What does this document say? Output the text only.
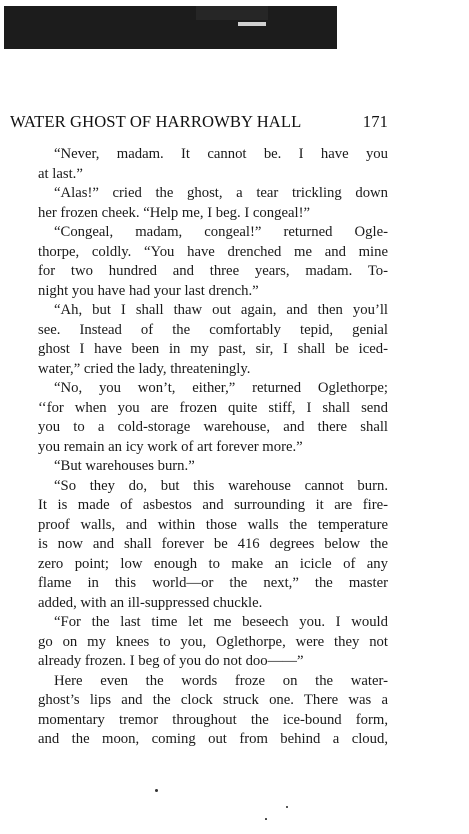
WATER GHOST OF HARROWBY HALL	171
“Never, madam. It cannot be. I have you
at last.”
“Alas!” cried the ghost, a tear trickling down
her frozen cheek. “Help me, I beg. I congeal!”
“Congeal, madam, congeal!” returned Ogle-
thorpe, coldly. “You have drenched me and mine
for two hundred and three years, madam. To-
night you have had your last drench.”
“Ah, but I shall thaw out again, and then you’ll
see. Instead of the comfortably tepid, genial
ghost I have been in my past, sir, I shall be iced-
water,” cried the lady, threateningly.
“No, you won’t, either,” returned Oglethorpe;
‘‘for when you are frozen quite stiff, I shall send
you to a cold-storage warehouse, and there shall
you remain an icy work of art forever more.”
“But warehouses burn.”
“So they do, but this warehouse cannot burn.
It is made of asbestos and surrounding it are fire-
proof walls, and within those walls the temperature
is now and shall forever be 416 degrees below the
zero point; low enough to make an icicle of any
flame in this world—or the next,” the master
added, with an ill-suppressed chuckle.
“For the last time let me beseech you. I would
go on my knees to you, Oglethorpe, were they not
already frozen. I beg of you do not doo——”
Here even the words froze on the water-
ghost’s lips and the clock struck one. There was a
momentary tremor throughout the ice-bound form,
and the moon, coming out from behind a cloud,
